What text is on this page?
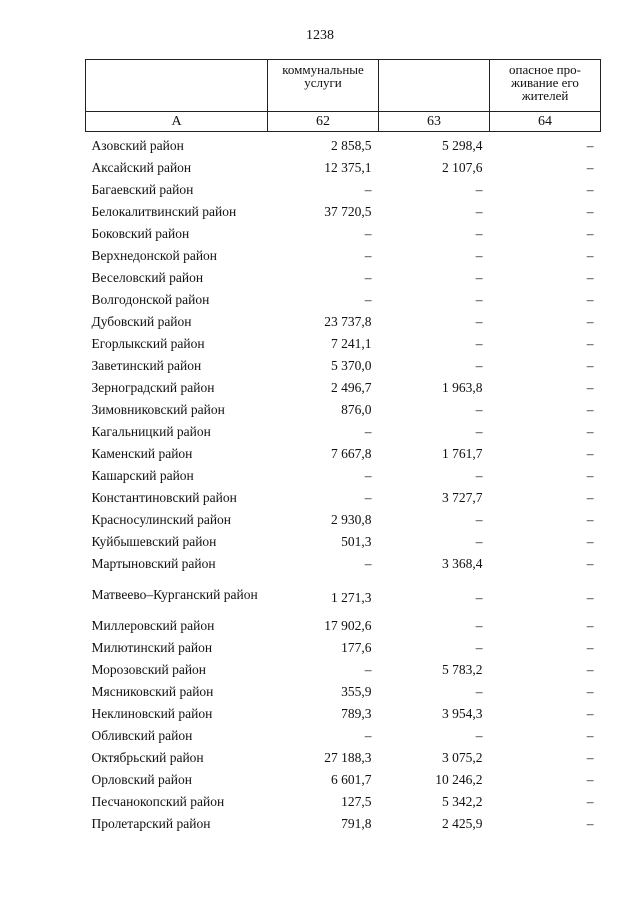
1238
	коммунальные услуги		опасное про-живание его жителей
А	62	63	64
Азовский район	2 858,5	5 298,4	–
Аксайский район	12 375,1	2 107,6	–
Багаевский район	–	–	–
Белокалитвинский район	37 720,5	–	–
Боковский район	–	–	–
Верхнедонской район	–	–	–
Веселовский район	–	–	–
Волгодонской район	–	–	–
Дубовский район	23 737,8	–	–
Егорлыкский район	7 241,1	–	–
Заветинский район	5 370,0	–	–
Зерноградский район	2 496,7	1 963,8	–
Зимовниковский район	876,0	–	–
Кагальницкий район	–	–	–
Каменский район	7 667,8	1 761,7	–
Кашарский район	–	–	–
Константиновский район	–	3 727,7	–
Красносулинский район	2 930,8	–	–
Куйбышевский район	501,3	–	–
Мартыновский район	–	3 368,4	–
Матвеево–Курганский район	1 271,3	–	–
Миллеровский район	17 902,6	–	–
Милютинский район	177,6	–	–
Морозовский район	–	5 783,2	–
Мясниковский район	355,9	–	–
Неклиновский район	789,3	3 954,3	–
Обливский район	–	–	–
Октябрьский район	27 188,3	3 075,2	–
Орловский район	6 601,7	10 246,2	–
Песчанокопский район	127,5	5 342,2	–
Пролетарский район	791,8	2 425,9	–
